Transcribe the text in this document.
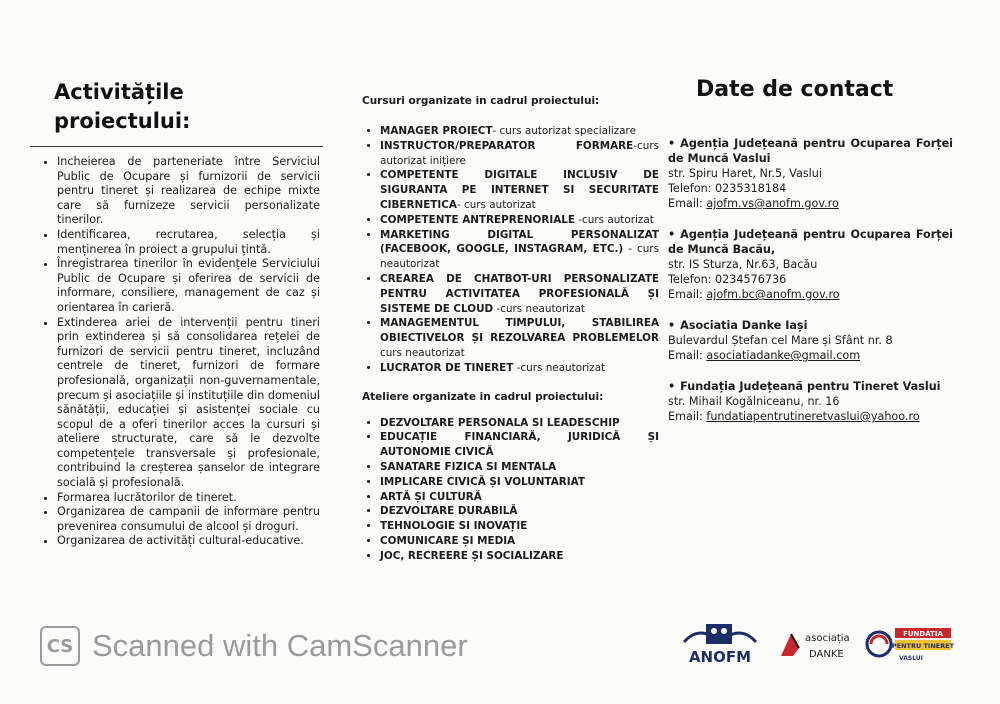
Activitățile proiectului:
• Incheierea de parteneriate între Serviciul Public de Ocupare și furnizorii de servicii pentru tineret și realizarea de echipe mixte care să furnizeze servicii personalizate tinerilor.
• Identificarea, recrutarea, selecția și menținerea în proiect a grupului țintă.
• Înregistrarea tinerilor în evidențele Serviciului Public de Ocupare și oferirea de servicii de informare, consiliere, management de caz și orientarea în carieră.
• Extinderea ariei de intervenții pentru tineri prin extinderea și să consolidarea rețelei de furnizori de servicii pentru tineret, incluzând centrele de tineret, furnizori de formare profesională, organizații non-guvernamentale, precum și asociațiile și instituțiile din domeniul sănătății, educației și asistenței sociale cu scopul de a oferi tinerilor acces la cursuri și ateliere structurate, care să le dezvolte competențele transversale și profesionale, contribuind la creșterea șanselor de integrare socială și profesională.
• Formarea lucrătorilor de tineret.
• Organizarea de campanii de informare pentru prevenirea consumului de alcool și droguri.
• Organizarea de activități cultural-educative.
Cursuri organizate in cadrul proiectului:
• MANAGER PROIECT- curs autorizat specializare
• INSTRUCTOR/PREPARATOR FORMARE-curs autorizat inițiere
• COMPETENTE DIGITALE INCLUSIV DE SIGURANTA PE INTERNET SI SECURITATE CIBERNETICA- curs autorizat
• COMPETENTE ANTREPRENORIALE -curs autorizat
• MARKETING DIGITAL PERSONALIZAT (FACEBOOK, GOOGLE, INSTAGRAM, ETC.) - curs neautorizat
• CREAREA DE CHATBOT-URI PERSONALIZATE PENTRU ACTIVITATEA PROFESIONALĂ ȘI SISTEME DE CLOUD -curs neautorizat
• MANAGEMENTUL TIMPULUI, STABILIREA OBIECTIVELOR ȘI REZOLVAREA PROBLEMELOR curs neautorizat
• LUCRATOR DE TINERET -curs neautorizat
Ateliere organizate in cadrul proiectului:
• DEZVOLTARE PERSONALA SI LEADESCHIP
• EDUCAȚIE FINANCIARĂ, JURIDICĂ ȘI AUTONOMIE CIVICĂ
• SANATARE FIZICA SI MENTALA
• IMPLICARE CIVICĂ ȘI VOLUNTARIAT
• ARTĂ ȘI CULTURĂ
• DEZVOLTARE DURABILĂ
• TEHNOLOGIE SI INOVAȚIE
• COMUNICARE ȘI MEDIA
• JOC, RECREERE ȘI SOCIALIZARE
Date de contact
• Agenția Județeană pentru Ocuparea Forței de Muncă Vaslui
str. Spiru Haret, Nr.5, Vaslui
Telefon: 0235318184
Email: ajofm.vs@anofm.gov.ro
• Agenția Județeană pentru Ocuparea Forței de Muncă Bacău,
str. IS Sturza, Nr.63, Bacău
Telefon: 0234576736
Email: ajofm.bc@anofm.gov.ro
• Asociatia Danke Iași
Bulevardul Ștefan cel Mare și Sfânt nr. 8
Email: asociatiadanke@gmail.com
• Fundația Județeană pentru Tineret Vaslui
str. Mihail Kogălniceanu, nr. 16
Email: fundatiapentrutineretvaslui@yahoo.ro
CS Scanned with CamScanner	ANOFM
asociația
DANKE
FUNDATIA
PENTRU TINERET
VASLUI
